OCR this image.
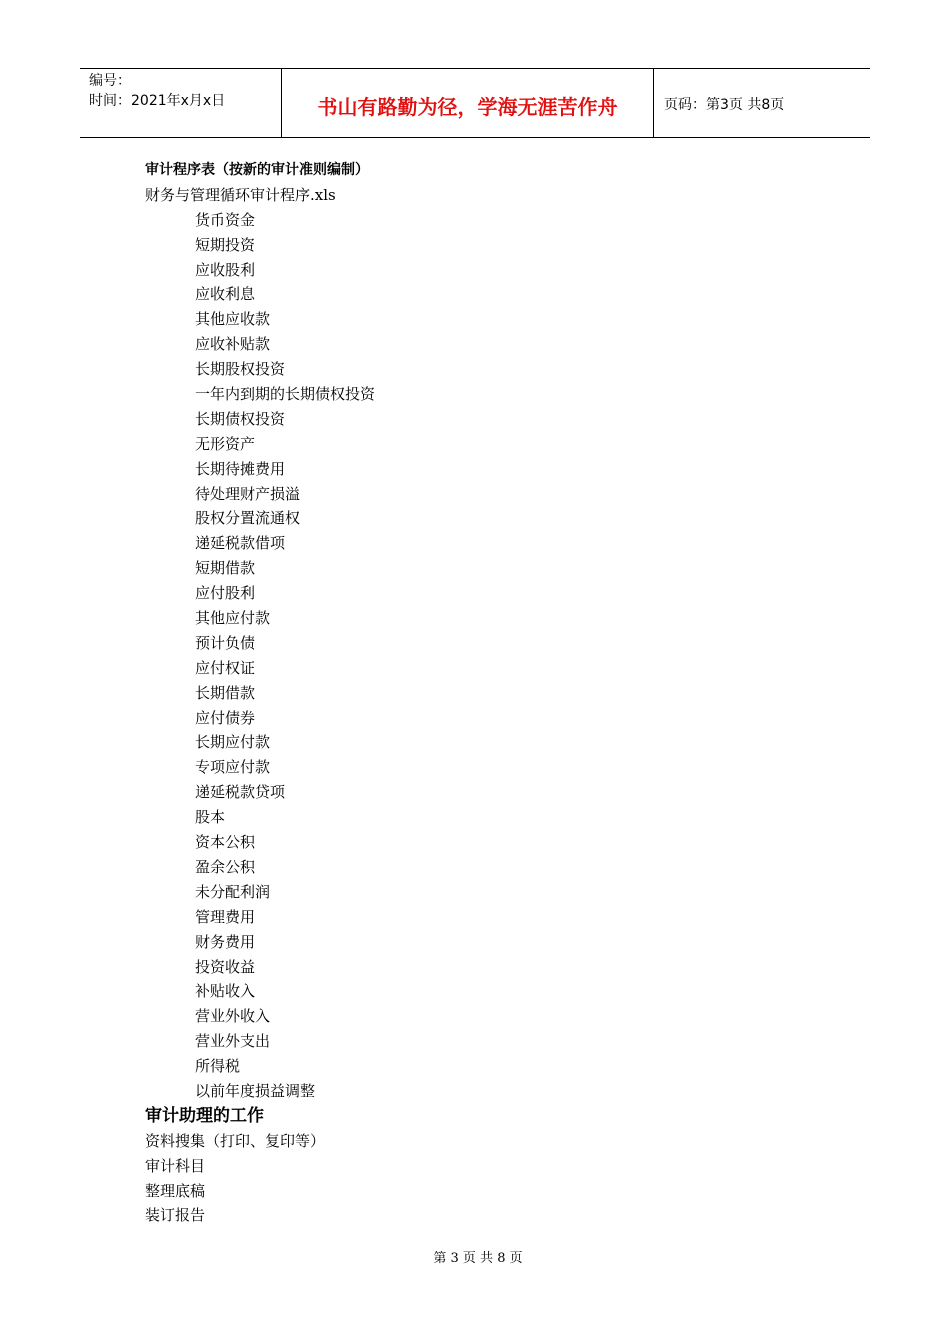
编号：
时间：2021年x月x日	书山有路勤为径，学海无涯苦作舟	页码：第3页 共8页
审计程序表（按新的审计准则编制）
财务与管理循环审计程序.xls
货币资金
短期投资
应收股利
应收利息
其他应收款
应收补贴款
长期股权投资
一年内到期的长期债权投资
长期债权投资
无形资产
长期待摊费用
待处理财产损溢
股权分置流通权
递延税款借项
短期借款
应付股利
其他应付款
预计负债
应付权证
长期借款
应付债券
长期应付款
专项应付款
递延税款贷项
股本
资本公积
盈余公积
未分配利润
管理费用
财务费用
投资收益
补贴收入
营业外收入
营业外支出
所得税
以前年度损益调整
审计助理的工作
资料搜集（打印、复印等）
审计科目
整理底稿
装订报告
第 3 页 共 8 页
